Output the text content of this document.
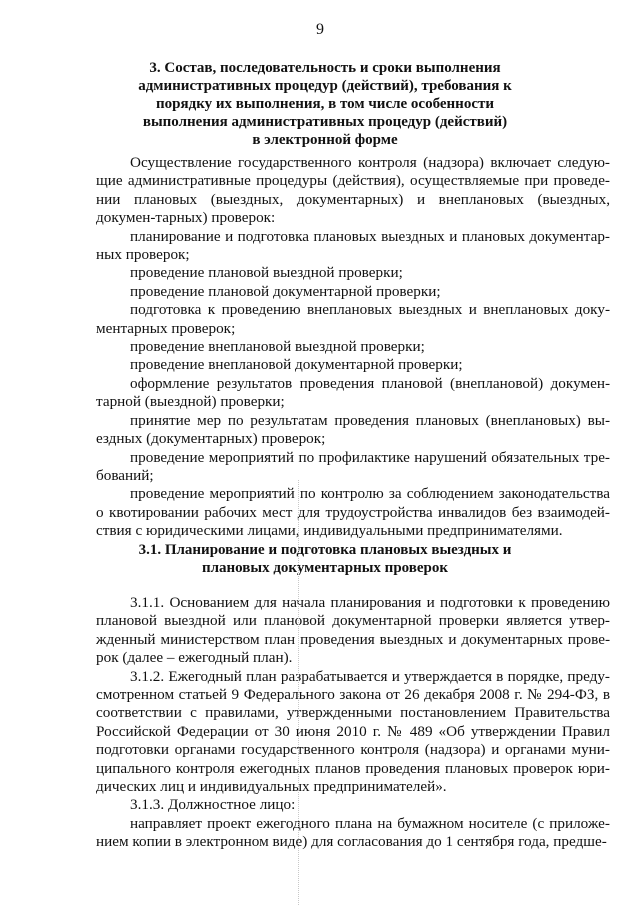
9
3. Состав, последовательность и сроки выполнения
административных процедур (действий), требования к
порядку их выполнения, в том числе особенности
выполнения административных процедур (действий)
в электронной форме

Осуществление государственного контроля (надзора) включает следую-щие административные процедуры (действия), осуществляемые при проведе-нии плановых (выездных, документарных) и внеплановых (выездных, докумен-тарных) проверок:

планирование и подготовка плановых выездных и плановых документар-ных проверок;

проведение плановой выездной проверки;

проведение плановой документарной проверки;

подготовка к проведению внеплановых выездных и внеплановых доку-ментарных проверок;

проведение внеплановой выездной проверки;

проведение внеплановой документарной проверки;

оформление результатов проведения плановой (внеплановой) докумен-тарной (выездной) проверки;

принятие мер по результатам проведения плановых (внеплановых) вы-ездных (документарных) проверок;

проведение мероприятий по профилактике нарушений обязательных тре-бований;

проведение мероприятий по контролю за соблюдением законодательства о квотировании рабочих мест для трудоустройства инвалидов без взаимодей-ствия с юридическими лицами, индивидуальными предпринимателями.

3.1. Планирование и подготовка плановых выездных и
плановых документарных проверок

3.1.1. Основанием для начала планирования и подготовки к проведению плановой выездной или плановой документарной проверки является утвер-жденный министерством план проведения выездных и документарных прове-рок (далее – ежегодный план).

3.1.2. Ежегодный план разрабатывается и утверждается в порядке, преду-смотренном статьей 9 Федерального закона от 26 декабря 2008 г. № 294-ФЗ, в соответствии с правилами, утвержденными постановлением Правительства Российской Федерации от 30 июня 2010 г. № 489 «Об утверждении Правил подготовки органами государственного контроля (надзора) и органами муни-ципального контроля ежегодных планов проведения плановых проверок юри-дических лиц и индивидуальных предпринимателей».

3.1.3. Должностное лицо:

направляет проект ежегодного плана на бумажном носителе (с приложе-нием копии в электронном виде) для согласования до 1 сентября года, предше-
